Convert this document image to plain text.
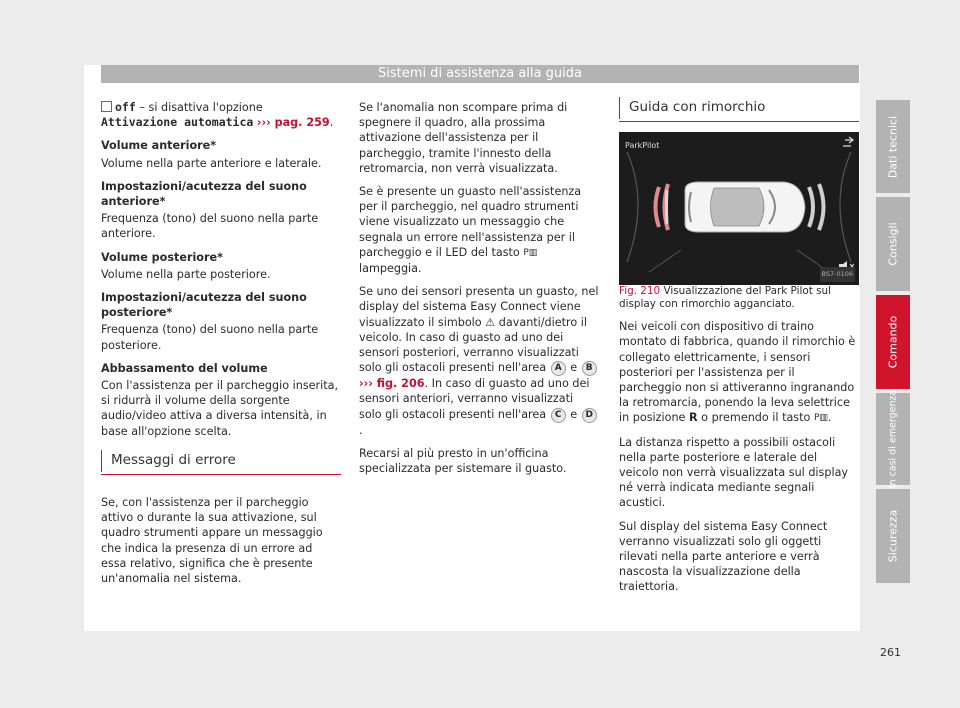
Sistemi di assistenza alla guida

off – si disattiva l'opzione Attivazione automatica ››› pag. 259.

Volume anteriore*

Volume nella parte anteriore e laterale.

Impostazioni/acutezza del suono anteriore*

Frequenza (tono) del suono nella parte anteriore.

Volume posteriore*

Volume nella parte posteriore.

Impostazioni/acutezza del suono posteriore*

Frequenza (tono) del suono nella parte posteriore.

Abbassamento del volume

Con l'assistenza per il parcheggio inserita, si ridurrà il volume della sorgente audio/video attiva a diversa intensità, in base all'opzione scelta.

Messaggi di errore

Se, con l'assistenza per il parcheggio attivo o durante la sua attivazione, sul quadro strumenti appare un messaggio che indica la presenza di un errore ad essa relativo, significa che è presente un'anomalia nel sistema.

Se l'anomalia non scompare prima di spegnere il quadro, alla prossima attivazione dell'assistenza per il parcheggio, tramite l'innesto della retromarcia, non verrà visualizzata.

Se è presente un guasto nell'assistenza per il parcheggio, nel quadro strumenti viene visualizzato un messaggio che segnala un errore nell'assistenza per il parcheggio e il LED del tasto P▥ lampeggia.

Se uno dei sensori presenta un guasto, nel display del sistema Easy Connect viene visualizzato il simbolo ⚠ davanti/dietro il veicolo. In caso di guasto ad uno dei sensori posteriori, verranno visualizzati solo gli ostacoli presenti nell'area A e B ››› fig. 206. In caso di guasto ad uno dei sensori anteriori, verranno visualizzati solo gli ostacoli presenti nell'area C e D.

Recarsi al più presto in un'officina specializzata per sistemare il guasto.

Guida con rimorchio
ParkPilot
BS7-0106

Fig. 210 Visualizzazione del Park Pilot sul display con rimorchio agganciato.

Nei veicoli con dispositivo di traino montato di fabbrica, quando il rimorchio è collegato elettricamente, i sensori posteriori per l'assistenza per il parcheggio non si attiveranno ingranando la retromarcia, ponendo la leva selettrice in posizione R o premendo il tasto P▥.

La distanza rispetto a possibili ostacoli nella parte posteriore e laterale del veicolo non verrà visualizzata sul display né verrà indicata mediante segnali acustici.

Sul display del sistema Easy Connect verranno visualizzati solo gli oggetti rilevati nella parte anteriore e verrà nascosta la visualizzazione della traiettoria.

Dati tecnici
Consigli
Comando
In casi di emergenza
Sicurezza
261
